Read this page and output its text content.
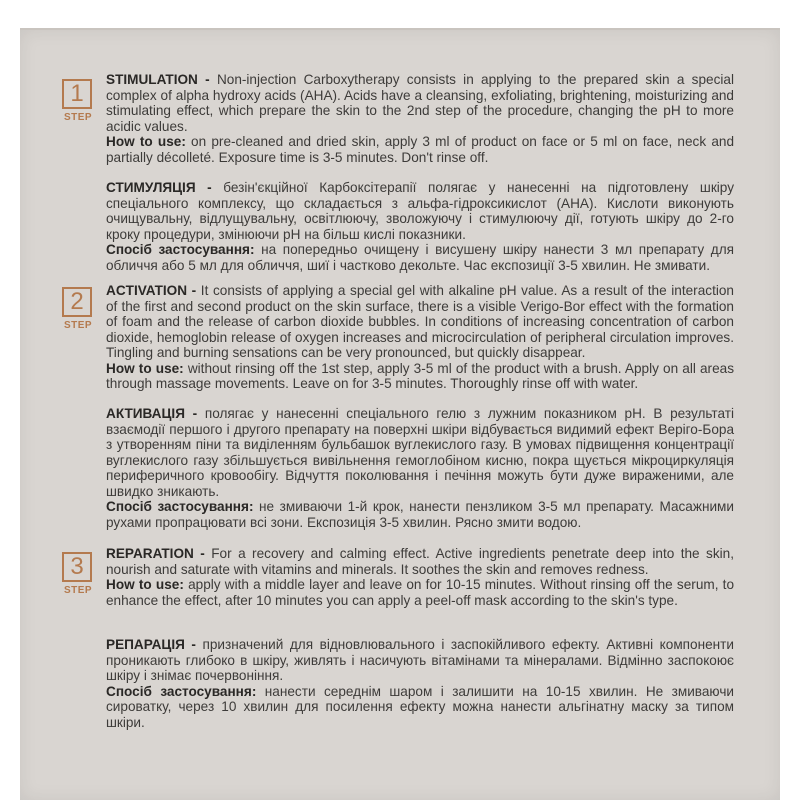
1
STEP

STIMULATION - Non-injection Carboxytherapy consists in applying to the prepared skin a special complex of alpha hydroxy acids (AHA). Acids have a cleansing, exfoliating, brightening, moisturizing and stimulating effect, which prepare the skin to the 2nd step of the procedure, changing the pH to more acidic values.

How to use: on pre-cleaned and dried skin, apply 3 ml of product on face or 5 ml on face, neck and partially décolleté. Exposure time is 3-5 minutes. Don't rinse off.

СТИМУЛЯЦІЯ - безін'єкційної Карбоксітерапії полягає у нанесенні на підготовлену шкіру спеціального комплексу, що складається з альфа-гідроксикислот (АНА). Кислоти виконують очищувальну, відлущувальну, освітлюючу, зволожуючу і стимулюючу дії, готують шкіру до 2-го кроку процедури, змінюючи pH на більш кислі показники.

Спосіб застосування: на попередньо очищену і висушену шкіру нанести 3 мл препарату для обличчя або 5 мл для обличчя, шиї і частково декольте. Час експозиції 3-5 хвилин. Не змивати.

2
STEP

ACTIVATION - It consists of applying a special gel with alkaline pH value. As a result of the interaction of the first and second product on the skin surface, there is a visible Verigo-Bor effect with the formation of foam and the release of carbon dioxide bubbles. In conditions of increasing concentration of carbon dioxide, hemoglobin release of oxygen increases and microcirculation of peripheral circulation improves. Tingling and burning sensations can be very pronounced, but quickly disappear.

How to use: without rinsing off the 1st step, apply 3-5 ml of the product with a brush. Apply on all areas through massage movements. Leave on for 3-5 minutes. Thoroughly rinse off with water.

АКТИВАЦІЯ - полягає у нанесенні спеціального гелю з лужним показником pH. В результаті взаємодії першого і другого препарату на поверхні шкіри відбувається видимий ефект Веріго-Бора з утворенням піни та виділенням бульбашок вуглекислого газу. В умовах підвищення концентрації вуглекислого газу збільшується вивільнення гемоглобіном кисню, покра щується мікроциркуляція периферичного кровообігу. Відчуття поколювання і печіння можуть бути дуже вираженими, але швидко зникають.

Спосіб застосування: не змиваючи 1-й крок, нанести пензликом 3-5 мл препарату. Масажними рухами пропрацювати всі зони. Експозиція 3-5 хвилин. Рясно змити водою.

3
STEP

REPARATION - For a recovery and calming effect. Active ingredients penetrate deep into the skin, nourish and saturate with vitamins and minerals. It soothes the skin and removes redness.

How to use: apply with a middle layer and leave on for 10-15 minutes. Without rinsing off the serum, to enhance the effect, after 10 minutes you can apply a peel-off mask according to the skin's type.

РЕПАРАЦІЯ - призначений для відновлювального і заспокійливого ефекту. Активні компоненти проникають глибоко в шкіру, живлять і насичують вітамінами та мінералами. Відмінно заспокоює шкіру і знімає почервоніння.

Спосіб застосування: нанести середнім шаром і залишити на 10-15 хвилин. Не змиваючи сироватку, через 10 хвилин для посилення ефекту можна нанести альгінатну маску за типом шкіри.
